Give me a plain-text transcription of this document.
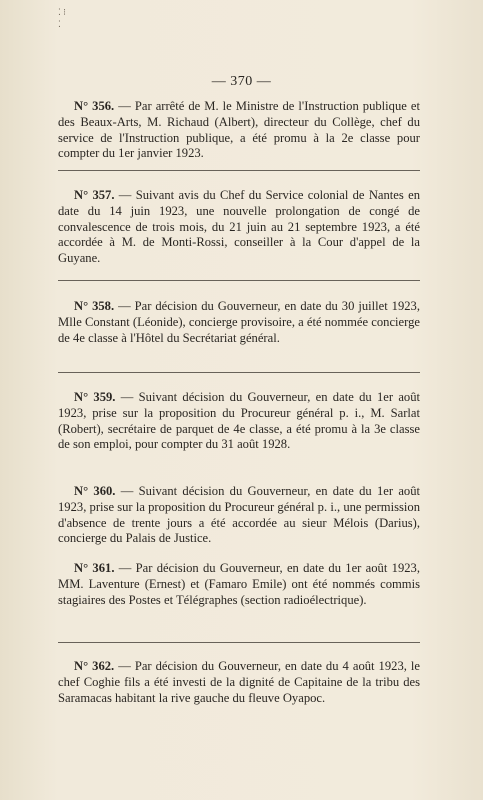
⁚ ⁝ ⁚
— 370 —
N° 356. — Par arrêté de M. le Ministre de l'Instruction publique et des Beaux-Arts, M. Richaud (Albert), directeur du Collège, chef du service de l'Instruction publique, a été promu à la 2e classe pour compter du 1er janvier 1923.
N° 357. — Suivant avis du Chef du Service colonial de Nantes en date du 14 juin 1923, une nouvelle prolongation de congé de convalescence de trois mois, du 21 juin au 21 septembre 1923, a été accordée à M. de Monti-Rossi, conseiller à la Cour d'appel de la Guyane.
N° 358. — Par décision du Gouverneur, en date du 30 juillet 1923, Mlle Constant (Léonide), concierge provisoire, a été nommée concierge de 4e classe à l'Hôtel du Secrétariat général.
N° 359. — Suivant décision du Gouverneur, en date du 1er août 1923, prise sur la proposition du Procureur général p. i., M. Sarlat (Robert), secrétaire de parquet de 4e classe, a été promu à la 3e classe de son emploi, pour compter du 31 août 1928.
N° 360. — Suivant décision du Gouverneur, en date du 1er août 1923, prise sur la proposition du Procureur général p. i., une permission d'absence de trente jours a été accordée au sieur Mélois (Darius), concierge du Palais de Justice.
N° 361. — Par décision du Gouverneur, en date du 1er août 1923, MM. Laventure (Ernest) et (Famaro Emile) ont été nommés commis stagiaires des Postes et Télégraphes (section radioélectrique).
N° 362. — Par décision du Gouverneur, en date du 4 août 1923, le chef Coghie fils a été investi de la dignité de Capitaine de la tribu des Saramacas habitant la rive gauche du fleuve Oyapoc.
